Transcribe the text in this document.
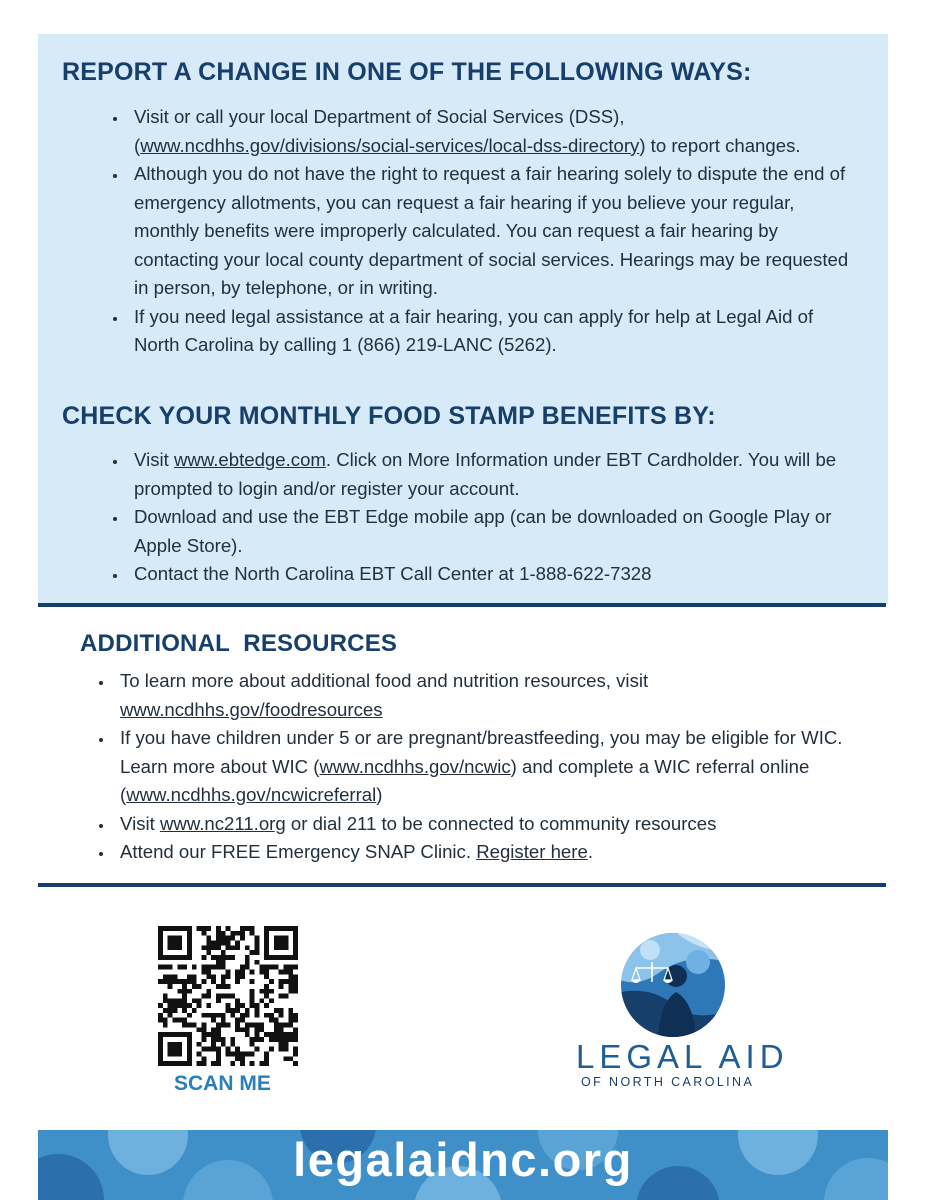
REPORT A CHANGE IN ONE OF THE FOLLOWING WAYS:
• Visit or call your local Department of Social Services (DSS), (www.ncdhhs.gov/divisions/social-services/local-dss-directory) to report changes.
• Although you do not have the right to request a fair hearing solely to dispute the end of emergency allotments, you can request a fair hearing if you believe your regular, monthly benefits were improperly calculated. You can request a fair hearing by contacting your local county department of social services. Hearings may be requested in person, by telephone, or in writing.
• If you need legal assistance at a fair hearing, you can apply for help at Legal Aid of North Carolina by calling 1 (866) 219-LANC (5262).
CHECK YOUR MONTHLY FOOD STAMP BENEFITS BY:
• Visit www.ebtedge.com. Click on More Information under EBT Cardholder. You will be prompted to login and/or register your account.
• Download and use the EBT Edge mobile app (can be downloaded on Google Play or Apple Store).
• Contact the North Carolina EBT Call Center at 1-888-622-7328
ADDITIONAL  RESOURCES
• To learn more about additional food and nutrition resources, visit
www.ncdhhs.gov/foodresources
• If you have children under 5 or are pregnant/breastfeeding, you may be eligible for WIC. Learn more about WIC (www.ncdhhs.gov/ncwic) and complete a WIC referral online (www.ncdhhs.gov/ncwicreferral)
• Visit www.nc211.org or dial 211 to be connected to community resources
• Attend our FREE Emergency SNAP Clinic. Register here.

SCAN ME

LEGAL AID

OF NORTH CAROLINA

legalaidnc.org
